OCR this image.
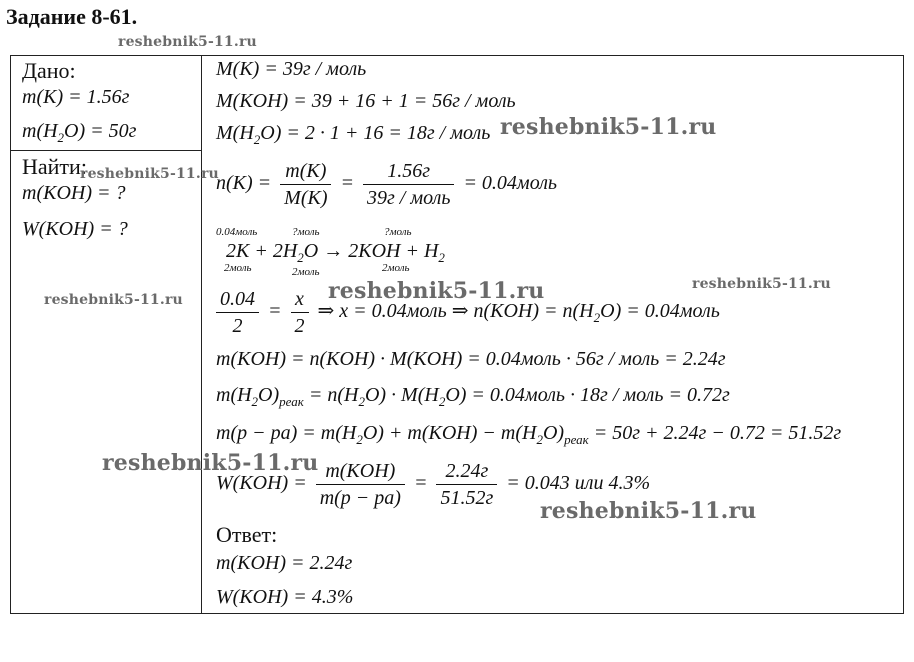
Задание 8-61.
Дано:
m(K) = 1.56г
$m(H_2O) = 50г$
Найти:
m(KOH) = ?
W(KOH) = ?
M(K) = 39г / моль
M(KOH) = 39 + 16 + 1 = 56г / моль
$M(H_2O) = 2 \cdot 1 + 16 = 18г$ / моль
$n(K) = \frac{m(K)}{M(K)} = \frac{1.56г}{\text{39г / моль}}$ = 0.04моль
0.04моль	?моль	?моль
$2K + 2H_2O \to 2KOH + H_2$
2моль	2моль	2моль
$\frac{0.04}{2} = \frac{x}{2}$ ⇒ x = 0.04моль ⇒ $n(KOH) = n(H_2O)$ = 0.04моль
m(KOH) = n(KOH) · M(KOH) = 0.04моль · 56г / моль = 2.24г
$m(H_2O)_{реак} = n(H_2O) \cdot M(H_2O)$ = 0.04моль · 18г / моль = 0.72г
$m(p - pa) = m(H_2O) + m(KOH) - m(H_2O)_{реак} = 50г + 2.24г - 0.72 = 51.52г$
$W(KOH) = \frac{\text{m(KOH)}}{m(p - pa)} = \frac{2.24г}{51.52г} = 0.043$ или 4.3%
Ответ:
m(KOH) = 2.24г
W(KOH) = 4.3%
reshebnik5-11.ru
reshebnik5-11.ru
reshebnik5-11.ru
reshebnik5-11.ru	reshebnik5-11.ru	reshebnik5-11.ru
reshebnik5-11.ru
reshebnik5-11.ru
